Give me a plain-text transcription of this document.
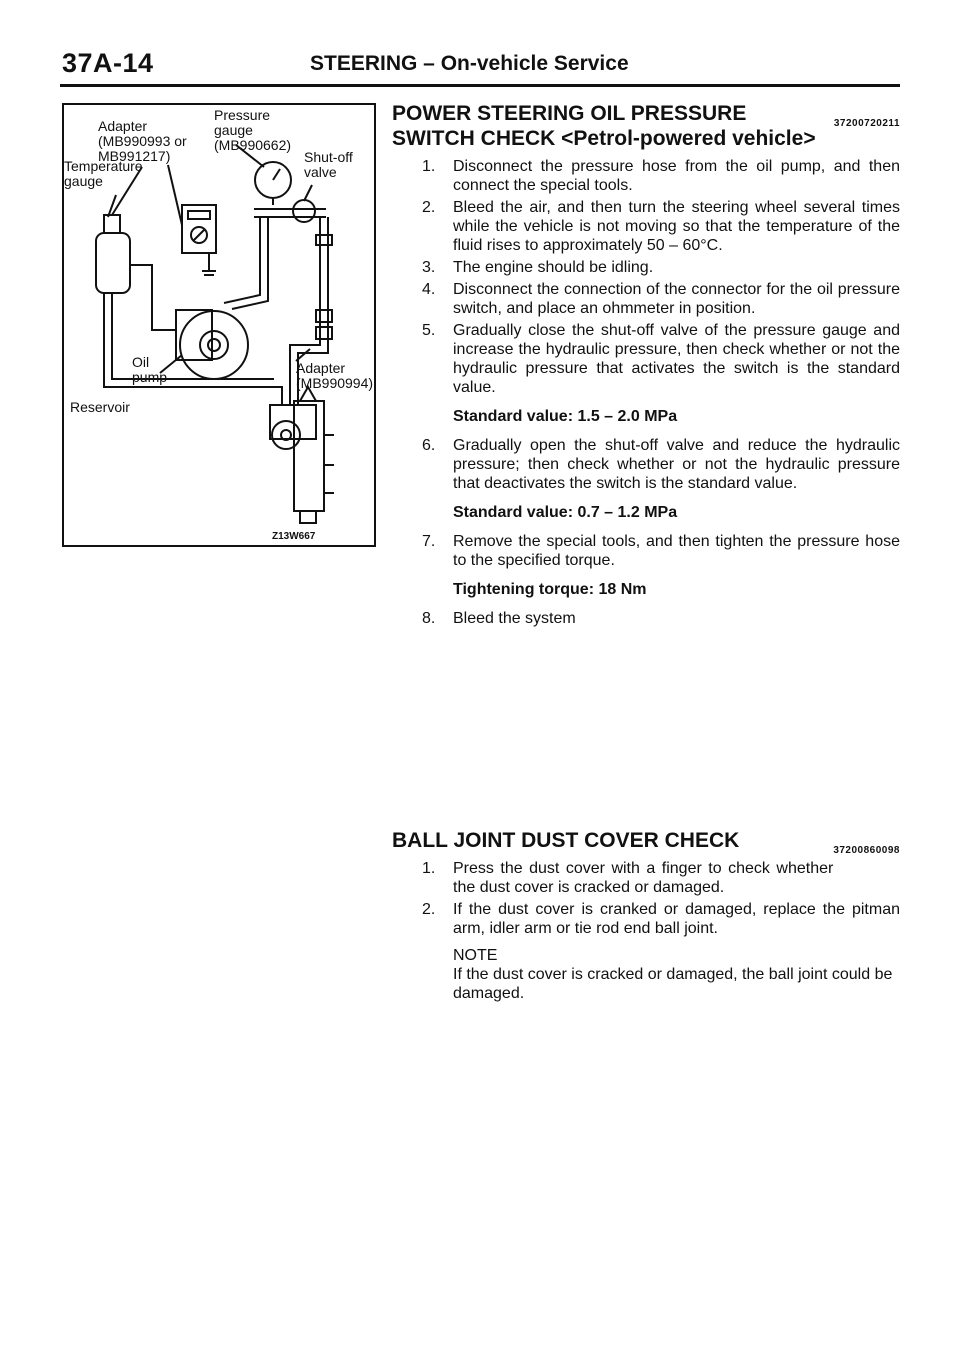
37A-14	STEERING – On-vehicle Service
Pressure
gauge
(MB990662)
Adapter
(MB990993 or
MB991217)
Temperature
gauge
Shut-off
valve
Oil
pump
Adapter
(MB990994)
Reservoir
Z13W667
37200720211
POWER STEERING OIL PRESSURE SWITCH CHECK <Petrol-powered vehicle>
1. Disconnect the pressure hose from the oil pump, and then connect the special tools.
2. Bleed the air, and then turn the steering wheel several times while the vehicle is not moving so that the temperature of the fluid rises to approximately 50 – 60°C.
3. The engine should be idling.
4. Disconnect the connection of the connector for the oil pressure switch, and place an ohmmeter in position.
5. Gradually close the shut-off valve of the pressure gauge and increase the hydraulic pressure, then check whether or not the hydraulic pressure that activates the switch is the standard value.
Standard value: 1.5 – 2.0 MPa
6. Gradually open the shut-off valve and reduce the hydraulic pressure; then check whether or not the hydraulic pressure that deactivates the switch is the standard value.
Standard value: 0.7 – 1.2 MPa
7. Remove the special tools, and then tighten the pressure hose to the specified torque.
Tightening torque: 18 Nm
8. Bleed the system
37200860098
BALL JOINT DUST COVER CHECK
1. Press the dust cover with a finger to check whether the dust cover is cracked or damaged.
2. If the dust cover is cranked or damaged, replace the pitman arm, idler arm or tie rod end ball joint.
NOTE
If the dust cover is cracked or damaged, the ball joint could be damaged.
